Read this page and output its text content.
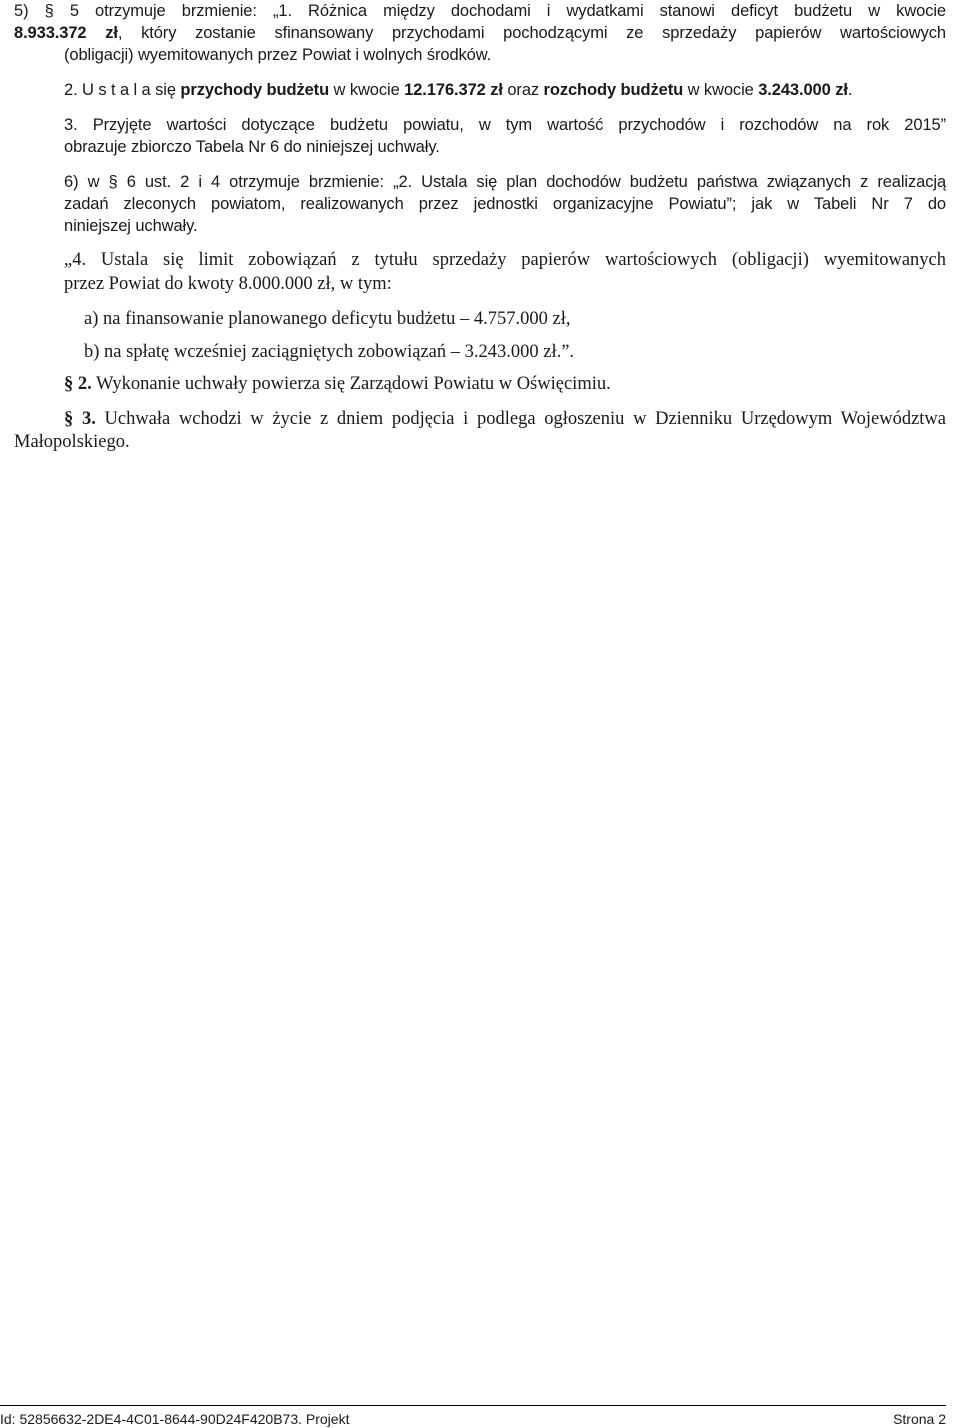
5) § 5 otrzymuje brzmienie: „1. Różnica między dochodami i wydatkami stanowi deficyt budżetu w kwocie
8.933.372 zł, który zostanie sfinansowany przychodami pochodzącymi ze sprzedaży papierów wartościowych
(obligacji) wyemitowanych przez Powiat i wolnych środków.
2. U s t a l a się przychody budżetu w kwocie 12.176.372 zł oraz rozchody budżetu w kwocie 3.243.000 zł.
3. Przyjęte wartości dotyczące budżetu powiatu, w tym wartość przychodów i rozchodów na rok 2015”
obrazuje zbiorczo Tabela Nr 6 do niniejszej uchwały.
6) w § 6 ust. 2 i 4 otrzymuje brzmienie: „2. Ustala się plan dochodów budżetu państwa związanych z realizacją
zadań zleconych powiatom, realizowanych przez jednostki organizacyjne Powiatu”; jak w Tabeli Nr 7 do
niniejszej uchwały.
„4. Ustala się limit zobowiązań z tytułu sprzedaży papierów wartościowych (obligacji) wyemitowanych
przez Powiat do kwoty 8.000.000 zł, w tym:
a) na finansowanie planowanego deficytu budżetu – 4.757.000 zł,
b) na spłatę wcześniej zaciągniętych zobowiązań – 3.243.000 zł.”.
§ 2. Wykonanie uchwały powierza się Zarządowi Powiatu w Oświęcimiu.
§ 3. Uchwała wchodzi w życie z dniem podjęcia i podlega ogłoszeniu w Dzienniku Urzędowym Województwa
Małopolskiego.
Id: 52856632-2DE4-4C01-8644-90D24F420B73. Projekt	Strona 2
